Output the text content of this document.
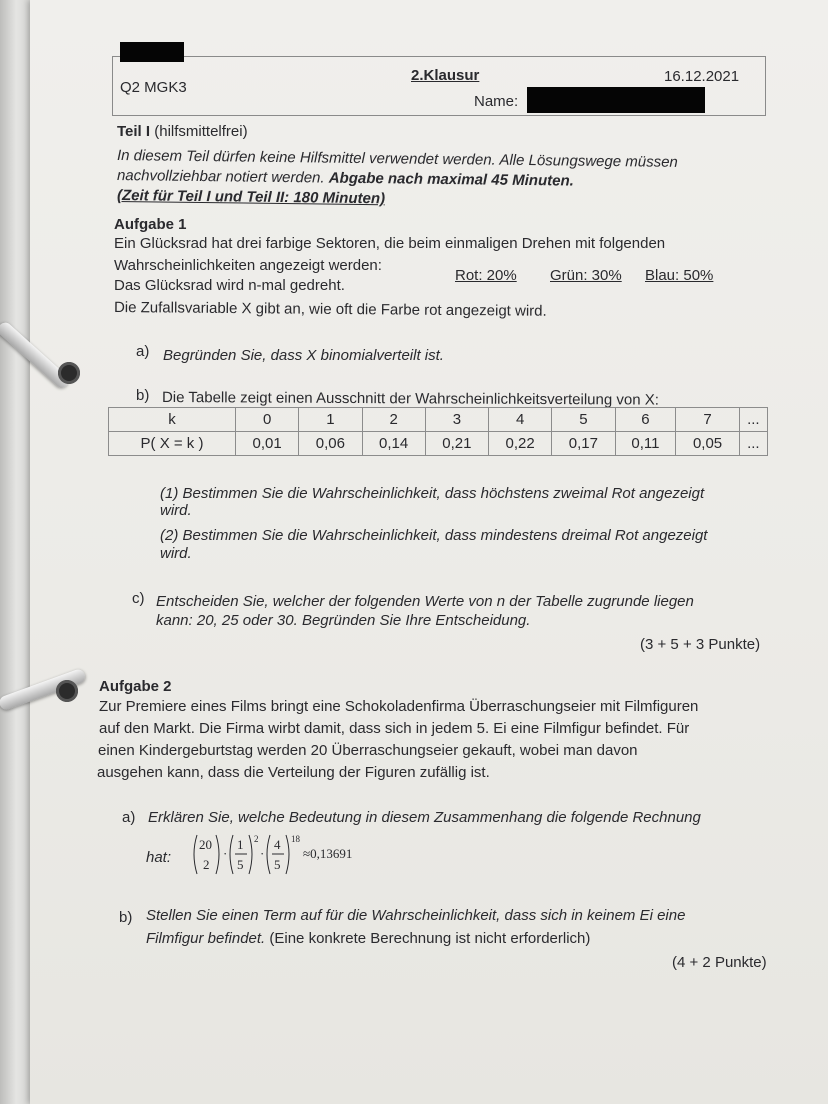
Q2 MGK3
2.Klausur	16.12.2021
Name:
Teil I (hilfsmittelfrei)
In diesem Teil dürfen keine Hilfsmittel verwendet werden. Alle Lösungswege müssen
nachvollziehbar notiert werden. Abgabe nach maximal 45 Minuten.
(Zeit für Teil I und Teil II: 180 Minuten)
Aufgabe 1
Ein Glücksrad hat drei farbige Sektoren, die beim einmaligen Drehen mit folgenden
Wahrscheinlichkeiten angezeigt werden:
Rot: 20% Grün: 30% Blau: 50%
Das Glücksrad wird n-mal gedreht.
Die Zufallsvariable X gibt an, wie oft die Farbe rot angezeigt wird.
a) Begründen Sie, dass X binomialverteilt ist.
b) Die Tabelle zeigt einen Ausschnitt der Wahrscheinlichkeitsverteilung von X:
k	0	1	2	3	4	5	6	7	...
P( X = k )	0,01	0,06	0,14	0,21	0,22	0,17	0,11	0,05	...
(1) Bestimmen Sie die Wahrscheinlichkeit, dass höchstens zweimal Rot angezeigt
wird.
(2) Bestimmen Sie die Wahrscheinlichkeit, dass mindestens dreimal Rot angezeigt
wird.
c) Entscheiden Sie, welcher der folgenden Werte von n der Tabelle zugrunde liegen
kann: 20, 25 oder 30. Begründen Sie Ihre Entscheidung.
(3 + 5 + 3 Punkte)
Aufgabe 2
Zur Premiere eines Films bringt eine Schokoladenfirma Überraschungseier mit Filmfiguren
auf den Markt. Die Firma wirbt damit, dass sich in jedem 5. Ei eine Filmfigur befindet. Für
einen Kindergeburtstag werden 20 Überraschungseier gekauft, wobei man davon
ausgehen kann, dass die Verteilung der Figuren zufällig ist.
a) Erklären Sie, welche Bedeutung in diesem Zusammenhang die folgende Rechnung
hat:
20
2
·
1
5
2
·
4
5
18
≈0,13691
b) Stellen Sie einen Term auf für die Wahrscheinlichkeit, dass sich in keinem Ei eine
Filmfigur befindet. (Eine konkrete Berechnung ist nicht erforderlich)
(4 + 2 Punkte)
